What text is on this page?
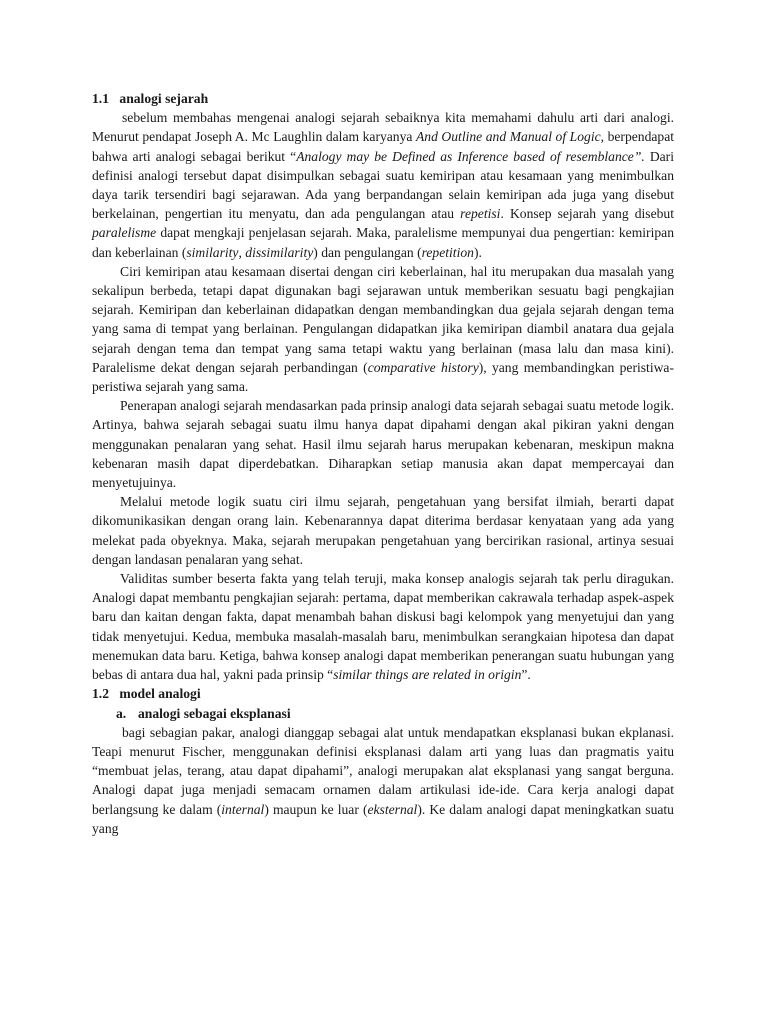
1.1 analogi sejarah

sebelum membahas mengenai analogi sejarah sebaiknya kita memahami dahulu arti dari analogi. Menurut pendapat Joseph A. Mc Laughlin dalam karyanya And Outline and Manual of Logic, berpendapat bahwa arti analogi sebagai berikut “Analogy may be Defined as Inference based of resemblance”. Dari definisi analogi tersebut dapat disimpulkan sebagai suatu kemiripan atau kesamaan yang menimbulkan daya tarik tersendiri bagi sejarawan. Ada yang berpandangan selain kemiripan ada juga yang disebut berkelainan, pengertian itu menyatu, dan ada pengulangan atau repetisi. Konsep sejarah yang disebut paralelisme dapat mengkaji penjelasan sejarah. Maka, paralelisme mempunyai dua pengertian: kemiripan dan keberlainan (similarity, dissimilarity) dan pengulangan (repetition).

Ciri kemiripan atau kesamaan disertai dengan ciri keberlainan, hal itu merupakan dua masalah yang sekalipun berbeda, tetapi dapat digunakan bagi sejarawan untuk memberikan sesuatu bagi pengkajian sejarah. Kemiripan dan keberlainan didapatkan dengan membandingkan dua gejala sejarah dengan tema yang sama di tempat yang berlainan. Pengulangan didapatkan jika kemiripan diambil anatara dua gejala sejarah dengan tema dan tempat yang sama tetapi waktu yang berlainan (masa lalu dan masa kini). Paralelisme dekat dengan sejarah perbandingan (comparative history), yang membandingkan peristiwa-peristiwa sejarah yang sama.

Penerapan analogi sejarah mendasarkan pada prinsip analogi data sejarah sebagai suatu metode logik. Artinya, bahwa sejarah sebagai suatu ilmu hanya dapat dipahami dengan akal pikiran yakni dengan menggunakan penalaran yang sehat. Hasil ilmu sejarah harus merupakan kebenaran, meskipun makna kebenaran masih dapat diperdebatkan. Diharapkan setiap manusia akan dapat mempercayai dan menyetujuinya.

Melalui metode logik suatu ciri ilmu sejarah, pengetahuan yang bersifat ilmiah, berarti dapat dikomunikasikan dengan orang lain. Kebenarannya dapat diterima berdasar kenyataan yang ada yang melekat pada obyeknya. Maka, sejarah merupakan pengetahuan yang bercirikan rasional, artinya sesuai dengan landasan penalaran yang sehat.

Validitas sumber beserta fakta yang telah teruji, maka konsep analogis sejarah tak perlu diragukan. Analogi dapat membantu pengkajian sejarah: pertama, dapat memberikan cakrawala terhadap aspek-aspek baru dan kaitan dengan fakta, dapat menambah bahan diskusi bagi kelompok yang menyetujui dan yang tidak menyetujui. Kedua, membuka masalah-masalah baru, menimbulkan serangkaian hipotesa dan dapat menemukan data baru. Ketiga, bahwa konsep analogi dapat memberikan penerangan suatu hubungan yang bebas di antara dua hal, yakni pada prinsip “similar things are related in origin”.

1.2 model analogi
a. analogi sebagai eksplanasi

bagi sebagian pakar, analogi dianggap sebagai alat untuk mendapatkan eksplanasi bukan ekplanasi. Teapi menurut Fischer, menggunakan definisi eksplanasi dalam arti yang luas dan pragmatis yaitu “membuat jelas, terang, atau dapat dipahami”, analogi merupakan alat eksplanasi yang sangat berguna. Analogi dapat juga menjadi semacam ornamen dalam artikulasi ide-ide. Cara kerja analogi dapat berlangsung ke dalam (internal) maupun ke luar (eksternal). Ke dalam analogi dapat meningkatkan suatu yang
